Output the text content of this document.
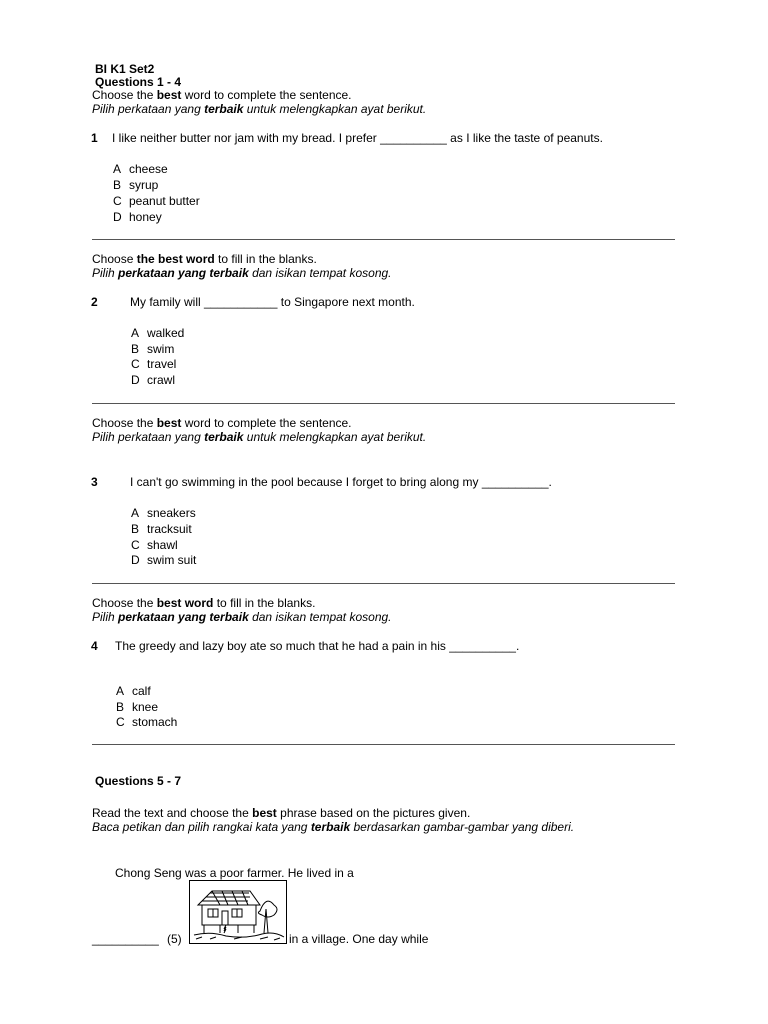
BI K1 Set2
Questions 1 - 4
Choose the best word to complete the sentence.
Pilih perkataan yang terbaik untuk melengkapkan ayat berikut.
1 I like neither butter nor jam with my bread. I prefer __________ as I like the taste of peanuts.
A cheese
B syrup
C peanut butter
D honey
Choose the best word to fill in the blanks.
Pilih perkataan yang terbaik dan isikan tempat kosong.
2	My family will ___________ to Singapore next month.
A walked
B swim
C travel
D crawl
Choose the best word to complete the sentence.
Pilih perkataan yang terbaik untuk melengkapkan ayat berikut.
3	I can't go swimming in the pool because I forget to bring along my __________.
A sneakers
B tracksuit
C shawl
D swim suit
Choose the best word to fill in the blanks.
Pilih perkataan yang terbaik dan isikan tempat kosong.
4 The greedy and lazy boy ate so much that he had a pain in his __________.
A calf
B knee
C stomach
Questions 5 - 7
Read the text and choose the best phrase based on the pictures given.
Baca petikan dan pilih rangkai kata yang terbaik berdasarkan gambar-gambar yang diberi.
Chong Seng was a poor farmer. He lived in a
__________ (5)	in a village. One day while
